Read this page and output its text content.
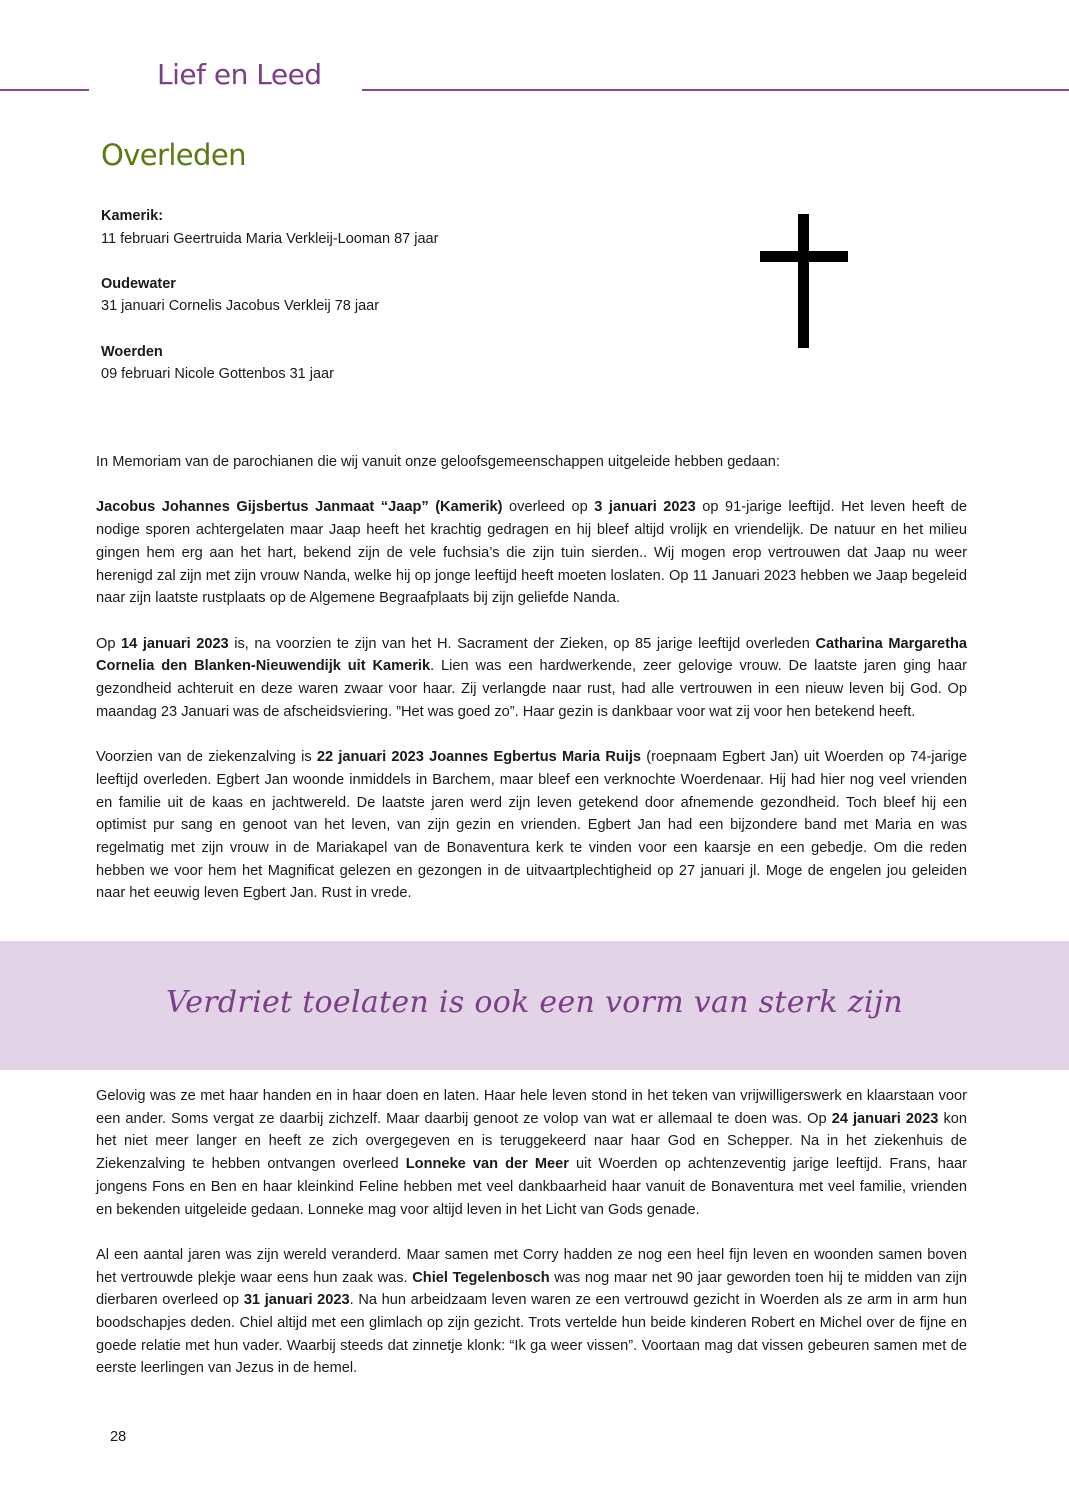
Lief en Leed
Overleden
Kamerik:
11 februari Geertruida Maria Verkleij-Looman 87 jaar
Oudewater
31 januari Cornelis Jacobus Verkleij 78 jaar
Woerden
09 februari Nicole Gottenbos 31 jaar

In Memoriam van de parochianen die wij vanuit onze geloofsgemeenschappen uitgeleide hebben gedaan:

Jacobus Johannes Gijsbertus Janmaat “Jaap” (Kamerik) overleed op 3 januari 2023 op 91-jarige leeftijd. Het leven heeft de nodige sporen achtergelaten maar Jaap heeft het krachtig gedragen en hij bleef altijd vrolijk en vriendelijk. De natuur en het milieu gingen hem erg aan het hart, bekend zijn de vele fuchsia’s die zijn tuin sierden.. Wij mogen erop vertrouwen dat Jaap nu weer herenigd zal zijn met zijn vrouw Nanda, welke hij op jonge leeftijd heeft moeten loslaten. Op 11 Januari 2023 hebben we Jaap begeleid naar zijn laatste rustplaats op de Algemene Begraafplaats bij zijn geliefde Nanda.

Op 14 januari 2023 is, na voorzien te zijn van het H. Sacrament der Zieken, op 85 jarige leeftijd overleden Catharina Margaretha Cornelia den Blanken-Nieuwendijk uit Kamerik. Lien was een hardwerkende, zeer gelovige vrouw. De laatste jaren ging haar gezondheid achteruit en deze waren zwaar voor haar. Zij verlangde naar rust, had alle vertrouwen in een nieuw leven bij God. Op maandag 23 Januari was de afscheidsviering. ”Het was goed zo”. Haar gezin is dankbaar voor wat zij voor hen betekend heeft.

Voorzien van de ziekenzalving is 22 januari 2023 Joannes Egbertus Maria Ruijs (roepnaam Egbert Jan) uit Woerden op 74-jarige leeftijd overleden. Egbert Jan woonde inmiddels in Barchem, maar bleef een verknochte Woerdenaar. Hij had hier nog veel vrienden en familie uit de kaas en jachtwereld. De laatste jaren werd zijn leven getekend door afnemende gezondheid. Toch bleef hij een optimist pur sang en genoot van het leven, van zijn gezin en vrienden. Egbert Jan had een bijzondere band met Maria en was regelmatig met zijn vrouw in de Mariakapel van de Bonaventura kerk te vinden voor een kaarsje en een gebedje. Om die reden hebben we voor hem het Magnificat gelezen en gezongen in de uitvaartplechtigheid op 27 januari jl. Moge de engelen jou geleiden naar het eeuwig leven Egbert Jan. Rust in vrede.

Verdriet toelaten is ook een vorm van sterk zijn

Gelovig was ze met haar handen en in haar doen en laten. Haar hele leven stond in het teken van vrijwilligerswerk en klaarstaan voor een ander. Soms vergat ze daarbij zichzelf. Maar daarbij genoot ze volop van wat er allemaal te doen was. Op 24 januari 2023 kon het niet meer langer en heeft ze zich overgegeven en is teruggekeerd naar haar God en Schepper. Na in het ziekenhuis de Ziekenzalving te hebben ontvangen overleed Lonneke van der Meer uit Woerden op achtenzeventig jarige leeftijd. Frans, haar jongens Fons en Ben en haar kleinkind Feline hebben met veel dankbaarheid haar vanuit de Bonaventura met veel familie, vrienden en bekenden uitgeleide gedaan. Lonneke mag voor altijd leven in het Licht van Gods genade.

Al een aantal jaren was zijn wereld veranderd. Maar samen met Corry hadden ze nog een heel fijn leven en woonden samen boven het vertrouwde plekje waar eens hun zaak was. Chiel Tegelenbosch was nog maar net 90 jaar geworden toen hij te midden van zijn dierbaren overleed op 31 januari 2023. Na hun arbeidzaam leven waren ze een vertrouwd gezicht in Woerden als ze arm in arm hun boodschapjes deden. Chiel altijd met een glimlach op zijn gezicht. Trots vertelde hun beide kinderen Robert en Michel over de fijne en goede relatie met hun vader. Waarbij steeds dat zinnetje klonk: “Ik ga weer vissen”. Voortaan mag dat vissen gebeuren samen met de eerste leerlingen van Jezus in de hemel.

28
